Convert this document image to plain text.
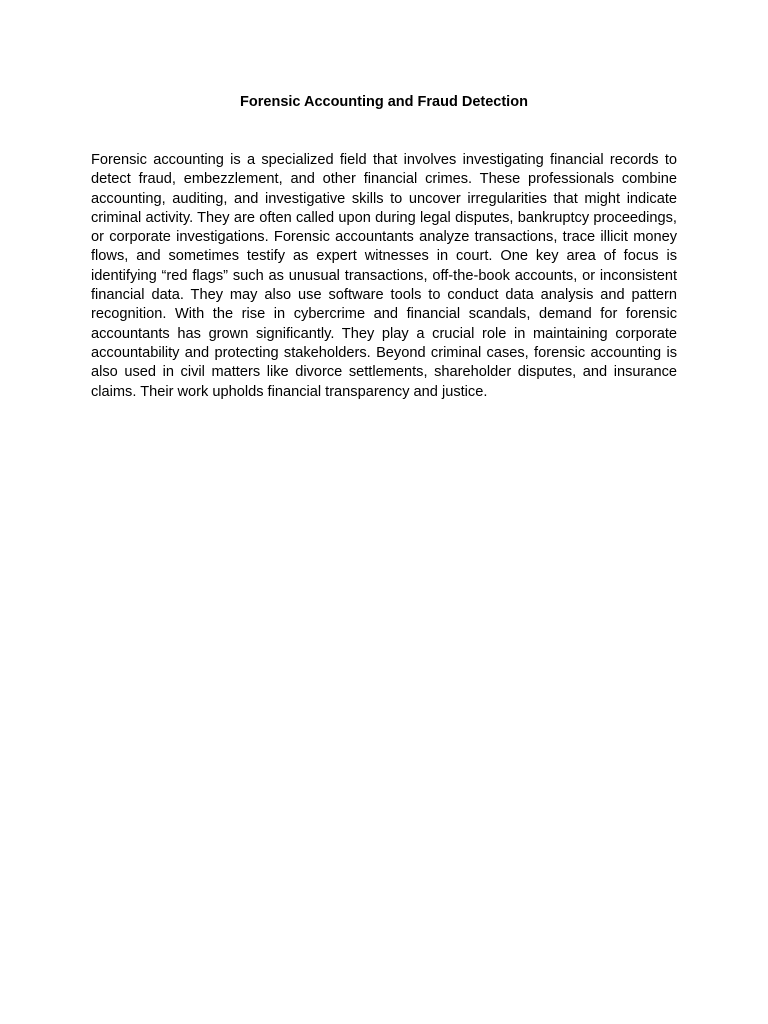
Forensic Accounting and Fraud Detection

Forensic accounting is a specialized field that involves investigating financial records to detect fraud, embezzlement, and other financial crimes. These professionals combine accounting, auditing, and investigative skills to uncover irregularities that might indicate criminal activity. They are often called upon during legal disputes, bankruptcy proceedings, or corporate investigations. Forensic accountants analyze transactions, trace illicit money flows, and sometimes testify as expert witnesses in court. One key area of focus is identifying “red flags” such as unusual transactions, off-the-book accounts, or inconsistent financial data. They may also use software tools to conduct data analysis and pattern recognition. With the rise in cybercrime and financial scandals, demand for forensic accountants has grown significantly. They play a crucial role in maintaining corporate accountability and protecting stakeholders. Beyond criminal cases, forensic accounting is also used in civil matters like divorce settlements, shareholder disputes, and insurance claims. Their work upholds financial transparency and justice.
